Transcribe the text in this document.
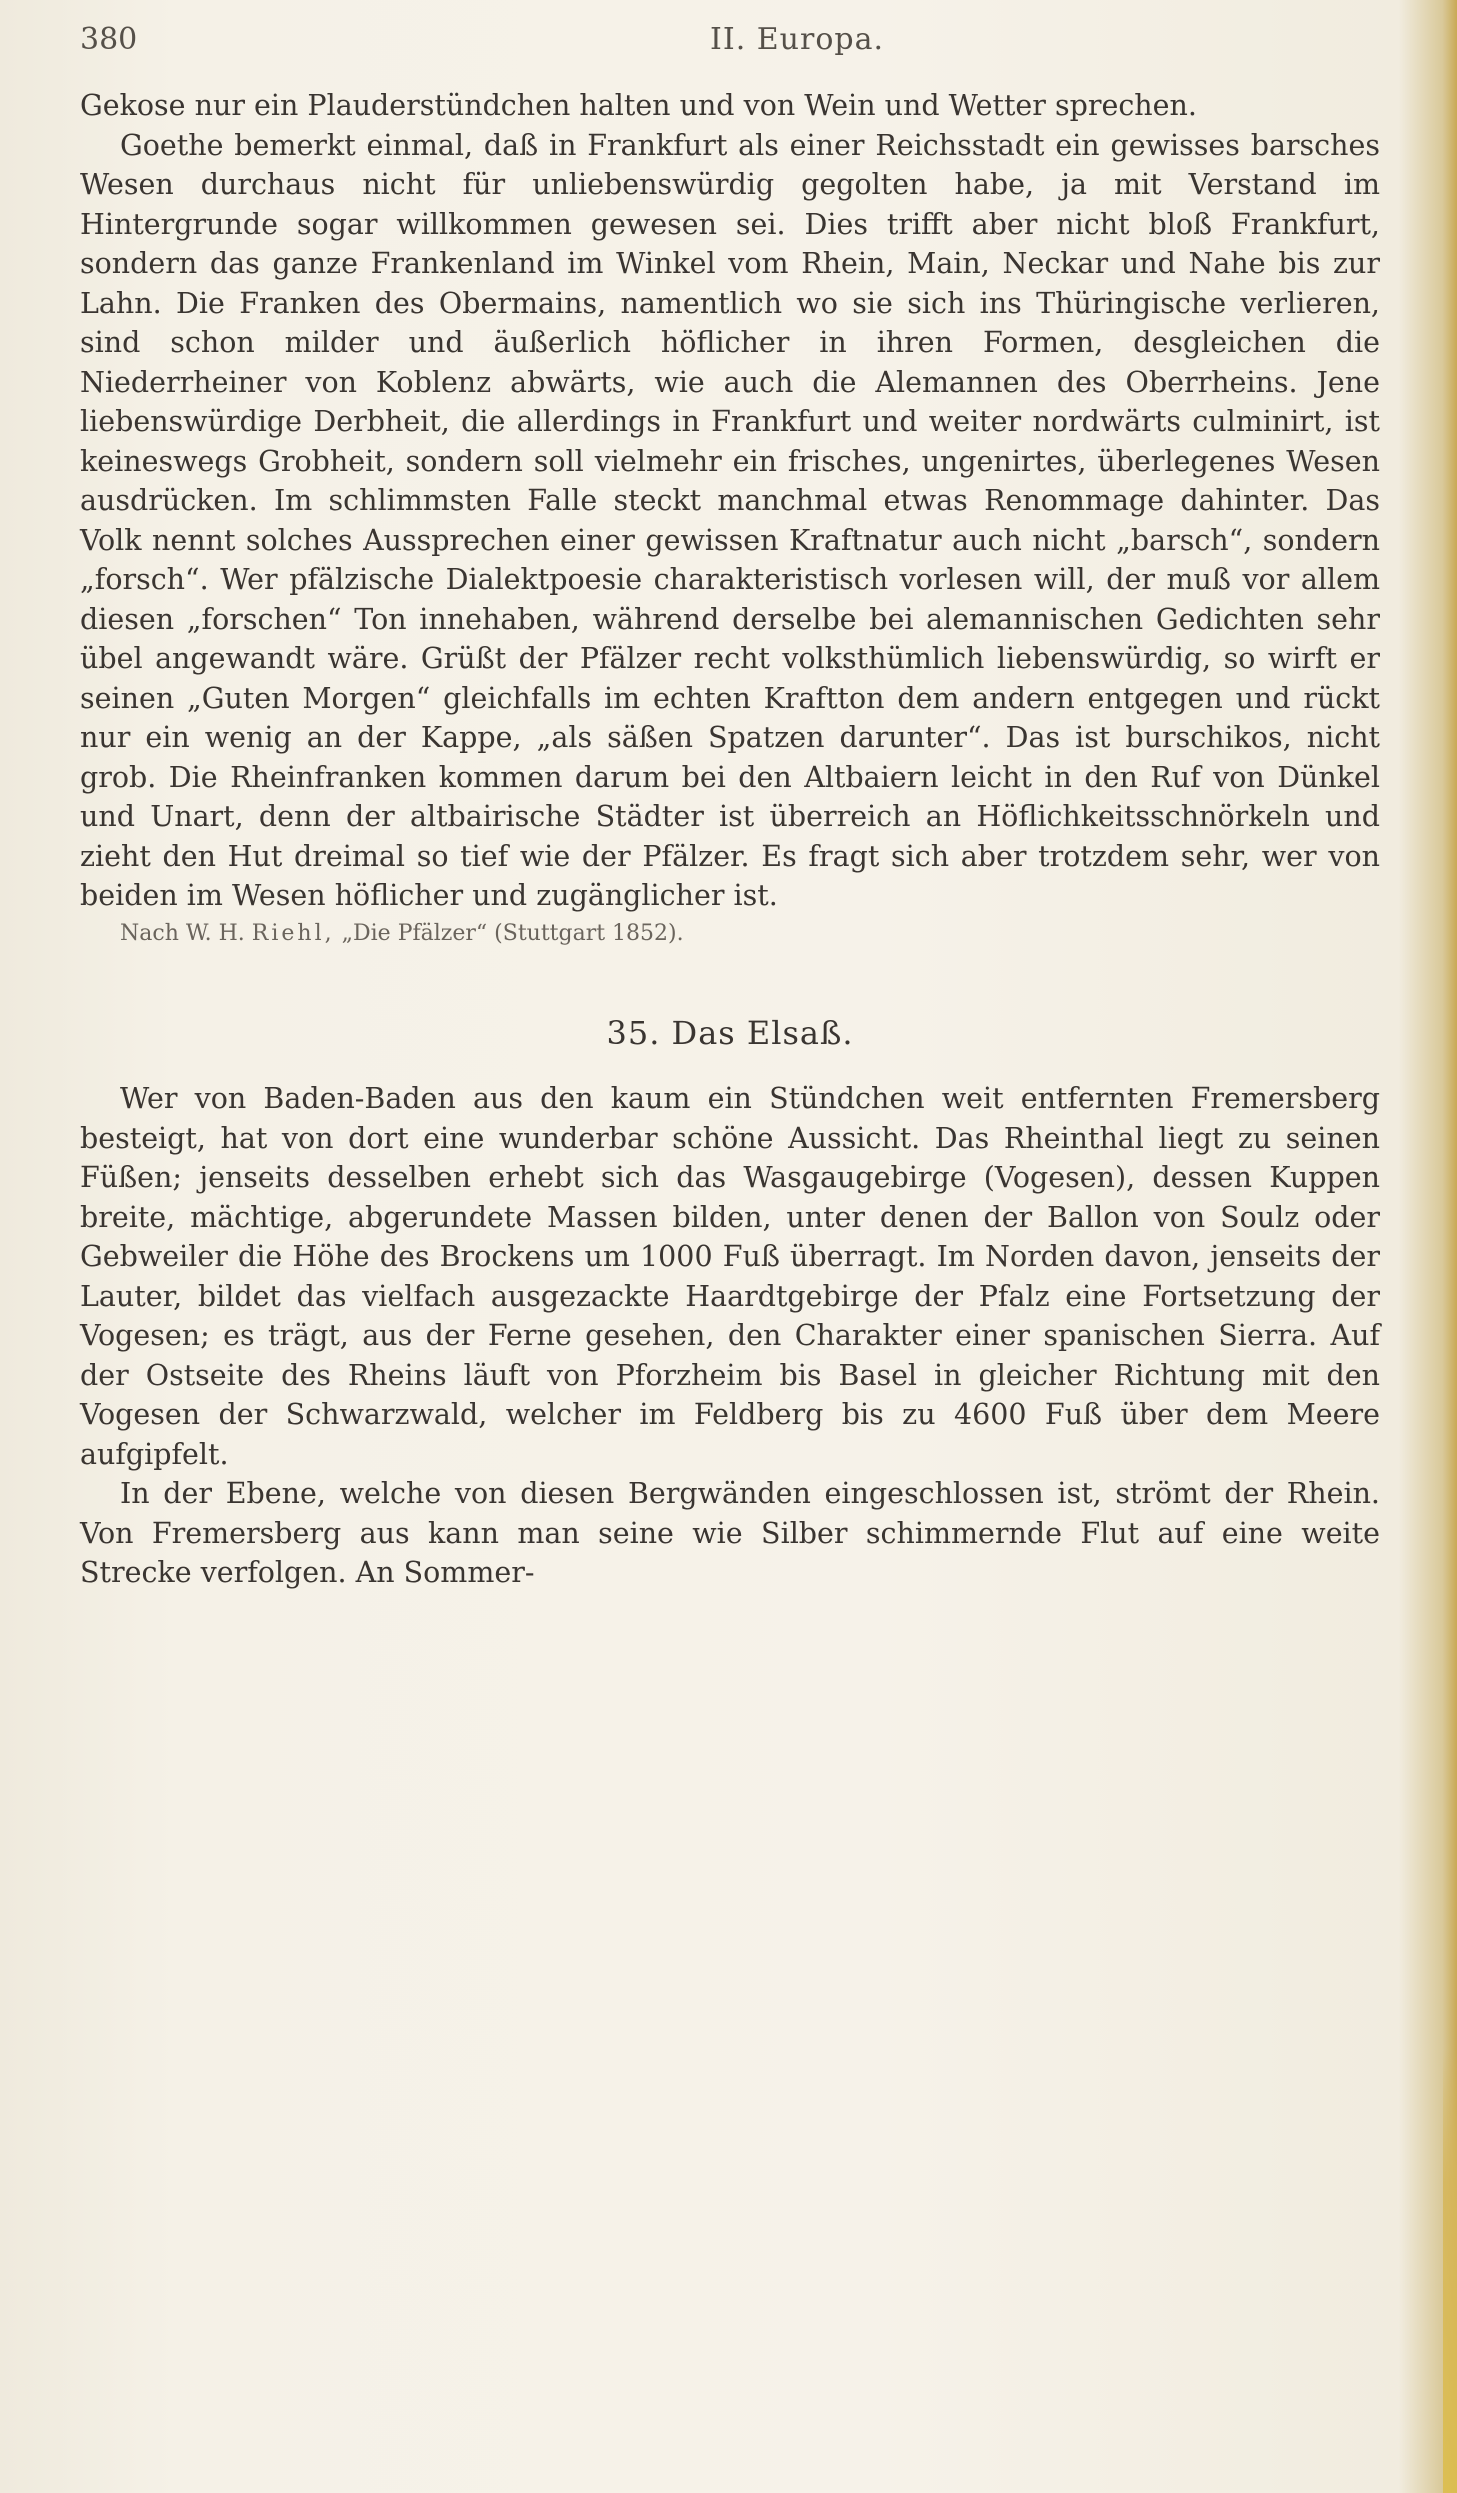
380	II. Europa.

Gekose nur ein Plauderstündchen halten und von Wein und Wetter sprechen.

Goethe bemerkt einmal, daß in Frankfurt als einer Reichsstadt ein gewisses barsches Wesen durchaus nicht für unliebenswürdig gegolten habe, ja mit Verstand im Hintergrunde sogar willkommen gewesen sei. Dies trifft aber nicht bloß Frankfurt, sondern das ganze Frankenland im Winkel vom Rhein, Main, Neckar und Nahe bis zur Lahn. Die Franken des Obermains, namentlich wo sie sich ins Thüringische verlieren, sind schon milder und äußerlich höflicher in ihren Formen, desgleichen die Niederrheiner von Koblenz abwärts, wie auch die Alemannen des Oberrheins. Jene liebenswürdige Derbheit, die allerdings in Frankfurt und weiter nordwärts culminirt, ist keineswegs Grobheit, sondern soll vielmehr ein frisches, ungenirtes, überlegenes Wesen ausdrücken. Im schlimmsten Falle steckt manchmal etwas Renommage dahinter. Das Volk nennt solches Aussprechen einer gewissen Kraftnatur auch nicht „barsch“, sondern „forsch“. Wer pfälzische Dialektpoesie charakteristisch vorlesen will, der muß vor allem diesen „forschen“ Ton innehaben, während derselbe bei alemannischen Gedichten sehr übel angewandt wäre. Grüßt der Pfälzer recht volksthümlich liebenswürdig, so wirft er seinen „Guten Morgen“ gleichfalls im echten Kraftton dem andern entgegen und rückt nur ein wenig an der Kappe, „als säßen Spatzen darunter“. Das ist burschikos, nicht grob. Die Rheinfranken kommen darum bei den Altbaiern leicht in den Ruf von Dünkel und Unart, denn der altbairische Städter ist überreich an Höflichkeitsschnörkeln und zieht den Hut dreimal so tief wie der Pfälzer. Es fragt sich aber trotzdem sehr, wer von beiden im Wesen höflicher und zugänglicher ist.

Nach W. H. Riehl, „Die Pfälzer“ (Stuttgart 1852).
35. Das Elsaß.

Wer von Baden-Baden aus den kaum ein Stündchen weit entfernten Fremersberg besteigt, hat von dort eine wunderbar schöne Aussicht. Das Rheinthal liegt zu seinen Füßen; jenseits desselben erhebt sich das Wasgaugebirge (Vogesen), dessen Kuppen breite, mächtige, abgerundete Massen bilden, unter denen der Ballon von Soulz oder Gebweiler die Höhe des Brockens um 1000 Fuß überragt. Im Norden davon, jenseits der Lauter, bildet das vielfach ausgezackte Haardtgebirge der Pfalz eine Fortsetzung der Vogesen; es trägt, aus der Ferne gesehen, den Charakter einer spanischen Sierra. Auf der Ostseite des Rheins läuft von Pforzheim bis Basel in gleicher Richtung mit den Vogesen der Schwarzwald, welcher im Feldberg bis zu 4600 Fuß über dem Meere aufgipfelt.

In der Ebene, welche von diesen Bergwänden eingeschlossen ist, strömt der Rhein. Von Fremersberg aus kann man seine wie Silber schimmernde Flut auf eine weite Strecke verfolgen. An Sommer-
